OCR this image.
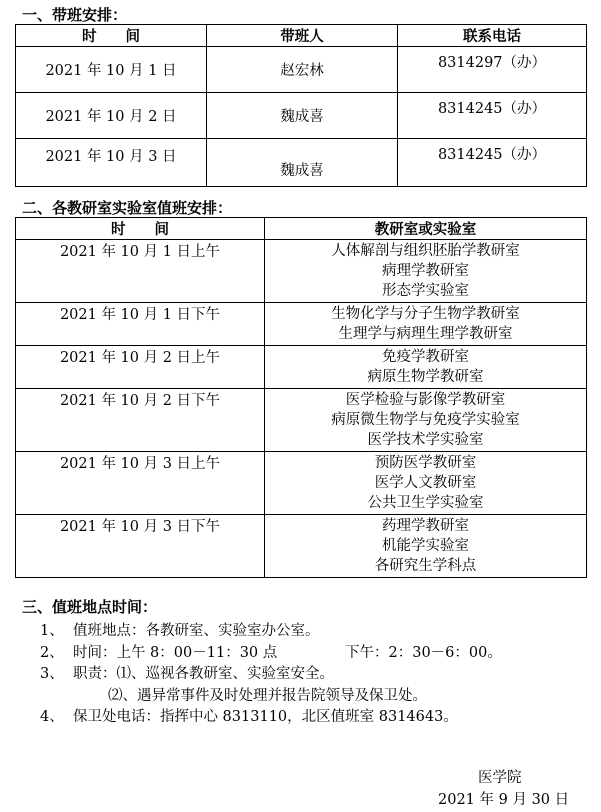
一、带班安排：
时　　间	带班人	联系电话
2021 年 10 月 1 日	赵宏林	8314297（办）
2021 年 10 月 2 日	魏成喜	8314245（办）
2021 年 10 月 3 日	魏成喜	8314245（办）
二、各教研室实验室值班安排：
时　　间	教研室或实验室
2021 年 10 月 1 日上午	人体解剖与组织胚胎学教研室
病理学教研室
形态学实验室

2021 年 10 月 1 日下午	生物化学与分子生物学教研室
生理学与病理生理学教研室

2021 年 10 月 2 日上午	免疫学教研室
病原生物学教研室

2021 年 10 月 2 日下午	医学检验与影像学教研室
病原微生物学与免疫学实验室
医学技术学实验室

2021 年 10 月 3 日上午	预防医学教研室
医学人文教研室
公共卫生学实验室

2021 年 10 月 3 日下午	药理学教研室
机能学实验室
各研究生学科点
三、值班地点时间：
1、 值班地点：各教研室、实验室办公室。
2、 时间：上午 8：00－11：30 点	下午：2：30－6：00。
3、 职责：⑴、巡视各教研室、实验室安全。
⑵、遇异常事件及时处理并报告院领导及保卫处。
4、 保卫处电话：指挥中心 8313110，北区值班室 8314643。
医学院
2021 年 9 月 30 日
